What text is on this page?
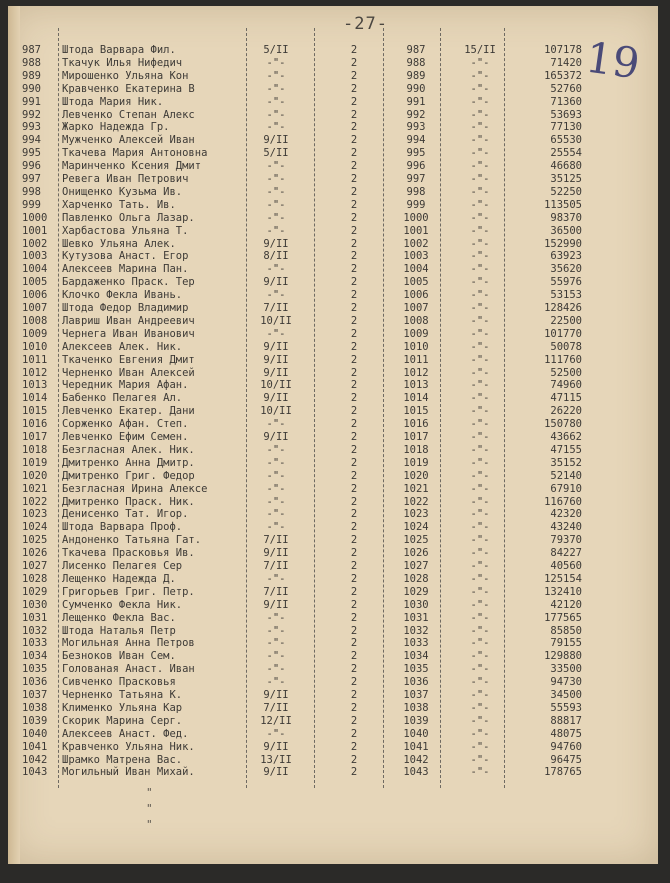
-27-
19
987	Штодa Варвара Фил.	5/II	2	987	15/II	107178
988	Ткачук Илья Нифедич	-"-	2	988	-"-	71420
989	Мирошенко Ульяна Кон	-"-	2	989	-"-	165372
990	Кравченко Екатерина В	-"-	2	990	-"-	52760
991	Штода Мария Ник.	-"-	2	991	-"-	71360
992	Левченко Степан Алекс	-"-	2	992	-"-	53693
993	Жарко Надежда Гр.	-"-	2	993	-"-	77130
994	Мужченко Алексей Иван	9/II	2	994	-"-	65530
995	Ткачева Мария Антоновна	5/II	2	995	-"-	25554
996	Маринченко Ксения Дмит	-"-	2	996	-"-	46680
997	Ревега Иван Петрович	-"-	2	997	-"-	35125
998	Онищенко Кузьма Ив.	-"-	2	998	-"-	52250
999	Харченко Тать. Ив.	-"-	2	999	-"-	113505
1000	Павленко Ольга Лазар.	-"-	2	1000	-"-	98370
1001	Харбастова Ульяна Т.	-"-	2	1001	-"-	36500
1002	Шевко Ульяна Алек.	9/II	2	1002	-"-	152990
1003	Кутузова Анаст. Егор	8/II	2	1003	-"-	63923
1004	Алексеев Марина Пан.	-"-	2	1004	-"-	35620
1005	Бардаженко Праск. Тер	9/II	2	1005	-"-	55976
1006	Клочко Фекла Ивань.	-"-	2	1006	-"-	53153
1007	Штода Федор Владимир	7/II	2	1007	-"-	128426
1008	Лавриш Иван Андреевич	10/II	2	1008	-"-	22500
1009	Чернега Иван Иванович	-"-	2	1009	-"-	101770
1010	Алексеев Алек. Ник.	9/II	2	1010	-"-	50078
1011	Ткаченко Евгения Дмит	9/II	2	1011	-"-	111760
1012	Черненко Иван Алексей	9/II	2	1012	-"-	52500
1013	Чередник Мария Афан.	10/II	2	1013	-"-	74960
1014	Бабенко Пелагея Ал.	9/II	2	1014	-"-	47115
1015	Левченко Екатер. Дани	10/II	2	1015	-"-	26220
1016	Сорженко Афан. Степ.	-"-	2	1016	-"-	150780
1017	Левченко Ефим Семен.	9/II	2	1017	-"-	43662
1018	Безгласная Алек. Ник.	-"-	2	1018	-"-	47155
1019	Дмитренко Анна Дмитр.	-"-	2	1019	-"-	35152
1020	Дмитренко Григ. Федор	-"-	2	1020	-"-	52140
1021	Безгласная Ирина Алексе	-"-	2	1021	-"-	67910
1022	Дмитренко Праск. Ник.	-"-	2	1022	-"-	116760
1023	Денисенко Тат. Игор.	-"-	2	1023	-"-	42320
1024	Штода Варвара Проф.	-"-	2	1024	-"-	43240
1025	Андоненко Татьяна Гат.	7/II	2	1025	-"-	79370
1026	Ткачева Прасковья Ив.	9/II	2	1026	-"-	84227
1027	Лисенко Пелагея Сер	7/II	2	1027	-"-	40560
1028	Лещенко Надежда Д.	-"-	2	1028	-"-	125154
1029	Григорьев Григ. Петр.	7/II	2	1029	-"-	132410
1030	Сумченко Фекла Ник.	9/II	2	1030	-"-	42120
1031	Лещенко Фекла Вас.	-"-	2	1031	-"-	177565
1032	Штода Наталья Петр	-"-	2	1032	-"-	85850
1033	Могильная Анна Петров	-"-	2	1033	-"-	79155
1034	Безноков Иван Сем.	-"-	2	1034	-"-	129880
1035	Голованая Анаст. Иван	-"-	2	1035	-"-	33500
1036	Сивченко Прасковья	-"-	2	1036	-"-	94730
1037	Черненко Татьяна К.	9/II	2	1037	-"-	34500
1038	Клименко Ульяна Кар	7/II	2	1038	-"-	55593
1039	Скорик Марина Серг.	12/II	2	1039	-"-	88817
1040	Алексеев Анаст. Фед.	-"-	2	1040	-"-	48075
1041	Кравченко Ульяна Ник.	9/II	2	1041	-"-	94760
1042	Шрамко Матрена Вас.	13/II	2	1042	-"-	96475
1043	Могильный Иван Михай.	9/II	2	1043	-"-	178765
"
"
"
